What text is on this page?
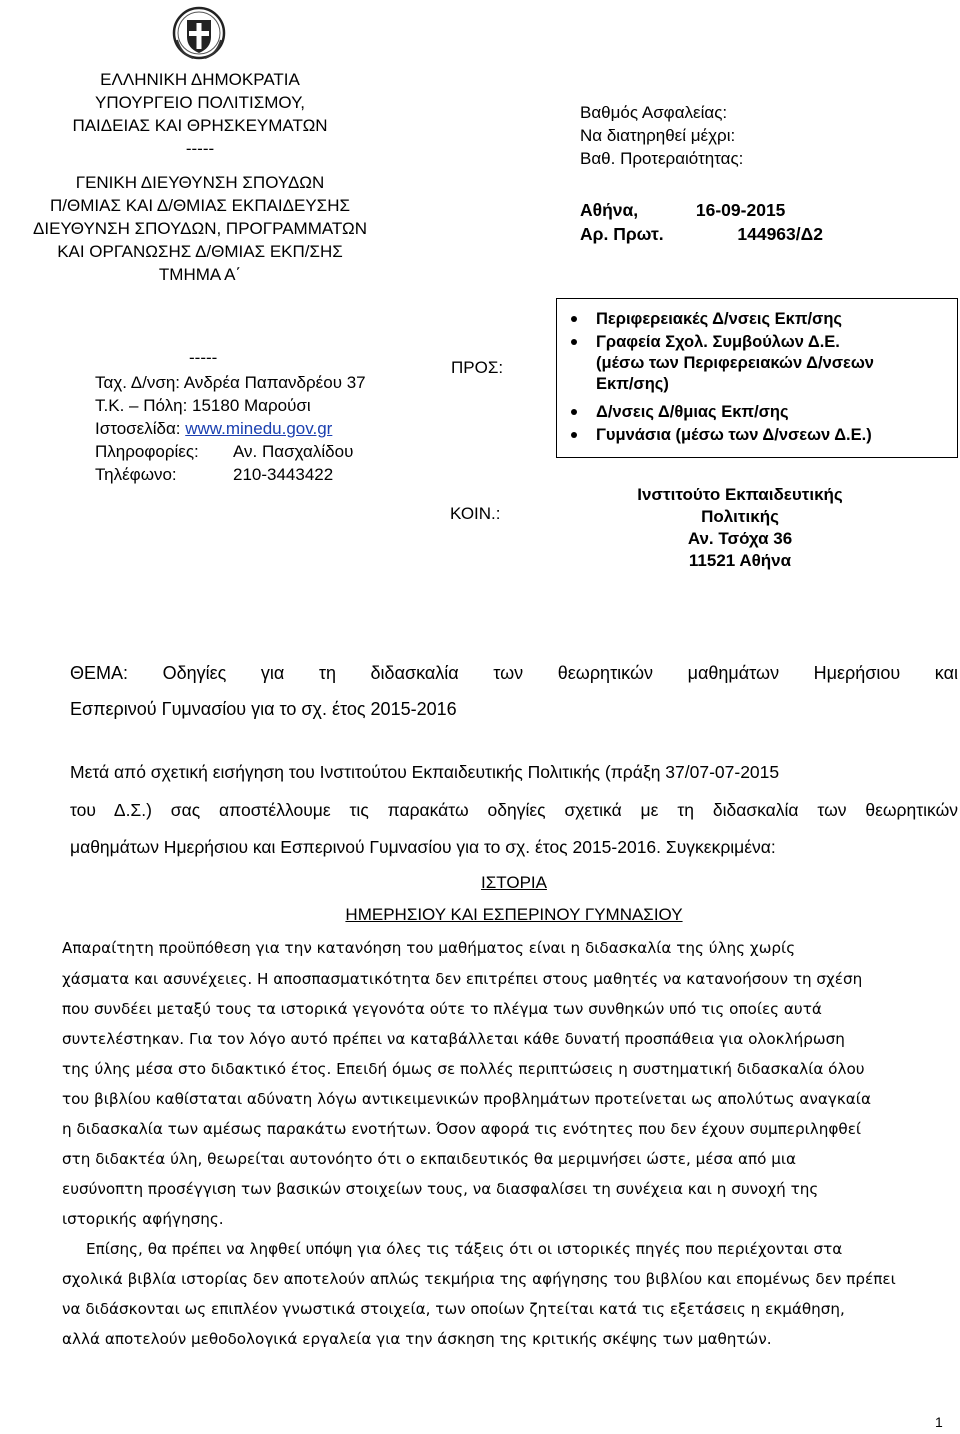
ΕΛΛΗΝΙΚΗ ΔΗΜΟΚΡΑΤΙΑ
ΥΠΟΥΡΓΕΙΟ ΠΟΛΙΤΙΣΜΟΥ,
ΠΑΙΔΕΙΑΣ ΚΑΙ ΘΡΗΣΚΕΥΜΑΤΩΝ
-----
ΓΕΝΙΚΗ ΔΙΕΥΘΥΝΣΗ ΣΠΟΥΔΩΝ
Π/ΘΜΙΑΣ ΚΑΙ Δ/ΘΜΙΑΣ ΕΚΠΑΙΔΕΥΣΗΣ
ΔΙΕΥΘΥΝΣΗ ΣΠΟΥΔΩΝ, ΠΡΟΓΡΑΜΜΑΤΩΝ
ΚΑΙ ΟΡΓΑΝΩΣΗΣ Δ/ΘΜΙΑΣ ΕΚΠ/ΣΗΣ
ΤΜΗΜΑ Α΄
-----
Ταχ. Δ/νση: Ανδρέα Παπανδρέου 37
Τ.Κ. – Πόλη: 15180 Μαρούσι
Ιστοσελίδα: www.minedu.gov.gr
Πληροφορίες: Αν. Πασχαλίδου
Τηλέφωνο:	210-3443422
ΠΡΟΣ:
ΚΟΙΝ.:
Βαθμός Ασφαλείας:
Να διατηρηθεί μέχρι:
Βαθ. Προτεραιότητας:
Αθήνα,	16-09-2015
Αρ. Πρωτ.	144963/Δ2
Περιφερειακές Δ/νσεις Εκπ/σης
Γραφεία Σχολ. Συμβούλων Δ.Ε.
(μέσω των Περιφερειακών Δ/νσεων
Εκπ/σης)
Δ/νσεις Δ/θμιας Εκπ/σης
Γυμνάσια (μέσω των Δ/νσεων Δ.Ε.)
Ινστιτούτο Εκπαιδευτικής
Πολιτικής
Αν. Τσόχα 36
11521 Αθήνα
ΘΕΜΑ: Οδηγίες για τη διδασκαλία των θεωρητικών μαθημάτων Ημερήσιου και
Εσπερινού Γυμνασίου για το σχ. έτος 2015-2016
Μετά από σχετική εισήγηση του Ινστιτούτου Εκπαιδευτικής Πολιτικής (πράξη 37/07-07-2015
του Δ.Σ.) σας αποστέλλουμε τις παρακάτω οδηγίες σχετικά με τη διδασκαλία των θεωρητικών
μαθημάτων Ημερήσιου και Εσπερινού Γυμνασίου για το σχ. έτος 2015-2016. Συγκεκριμένα:
ΙΣΤΟΡΙΑ
ΗΜΕΡΗΣΙΟΥ ΚΑΙ ΕΣΠΕΡΙΝΟΥ ΓΥΜΝΑΣΙΟΥ
Απαραίτητη προϋπόθεση για την κατανόηση του μαθήματος είναι η διδασκαλία της ύλης χωρίς
χάσματα και ασυνέχειες. Η αποσπασματικότητα δεν επιτρέπει στους μαθητές να κατανοήσουν τη σχέση
που συνδέει μεταξύ τους τα ιστορικά γεγονότα ούτε το πλέγμα των συνθηκών υπό τις οποίες αυτά
συντελέστηκαν. Για τον λόγο αυτό πρέπει να καταβάλλεται κάθε δυνατή προσπάθεια για ολοκλήρωση
της ύλης μέσα στο διδακτικό έτος. Επειδή όμως σε πολλές περιπτώσεις η συστηματική διδασκαλία όλου
του βιβλίου καθίσταται αδύνατη λόγω αντικειμενικών προβλημάτων προτείνεται ως απολύτως αναγκαία
η διδασκαλία των αμέσως παρακάτω ενοτήτων. Όσον αφορά τις ενότητες που δεν έχουν συμπεριληφθεί
στη διδακτέα ύλη, θεωρείται αυτονόητο ότι ο εκπαιδευτικός θα μεριμνήσει ώστε, μέσα από μια
ευσύνοπτη προσέγγιση των βασικών στοιχείων τους, να διασφαλίσει τη συνέχεια και η συνοχή της
ιστορικής αφήγησης.
Επίσης, θα πρέπει να ληφθεί υπόψη για όλες τις τάξεις ότι οι ιστορικές πηγές που περιέχονται στα
σχολικά βιβλία ιστορίας δεν αποτελούν απλώς τεκμήρια της αφήγησης του βιβλίου και επομένως δεν πρέπει
να διδάσκονται ως επιπλέον γνωστικά στοιχεία, των οποίων ζητείται κατά τις εξετάσεις η εκμάθηση,
αλλά αποτελούν μεθοδολογικά εργαλεία για την άσκηση της κριτικής σκέψης των μαθητών.
1
